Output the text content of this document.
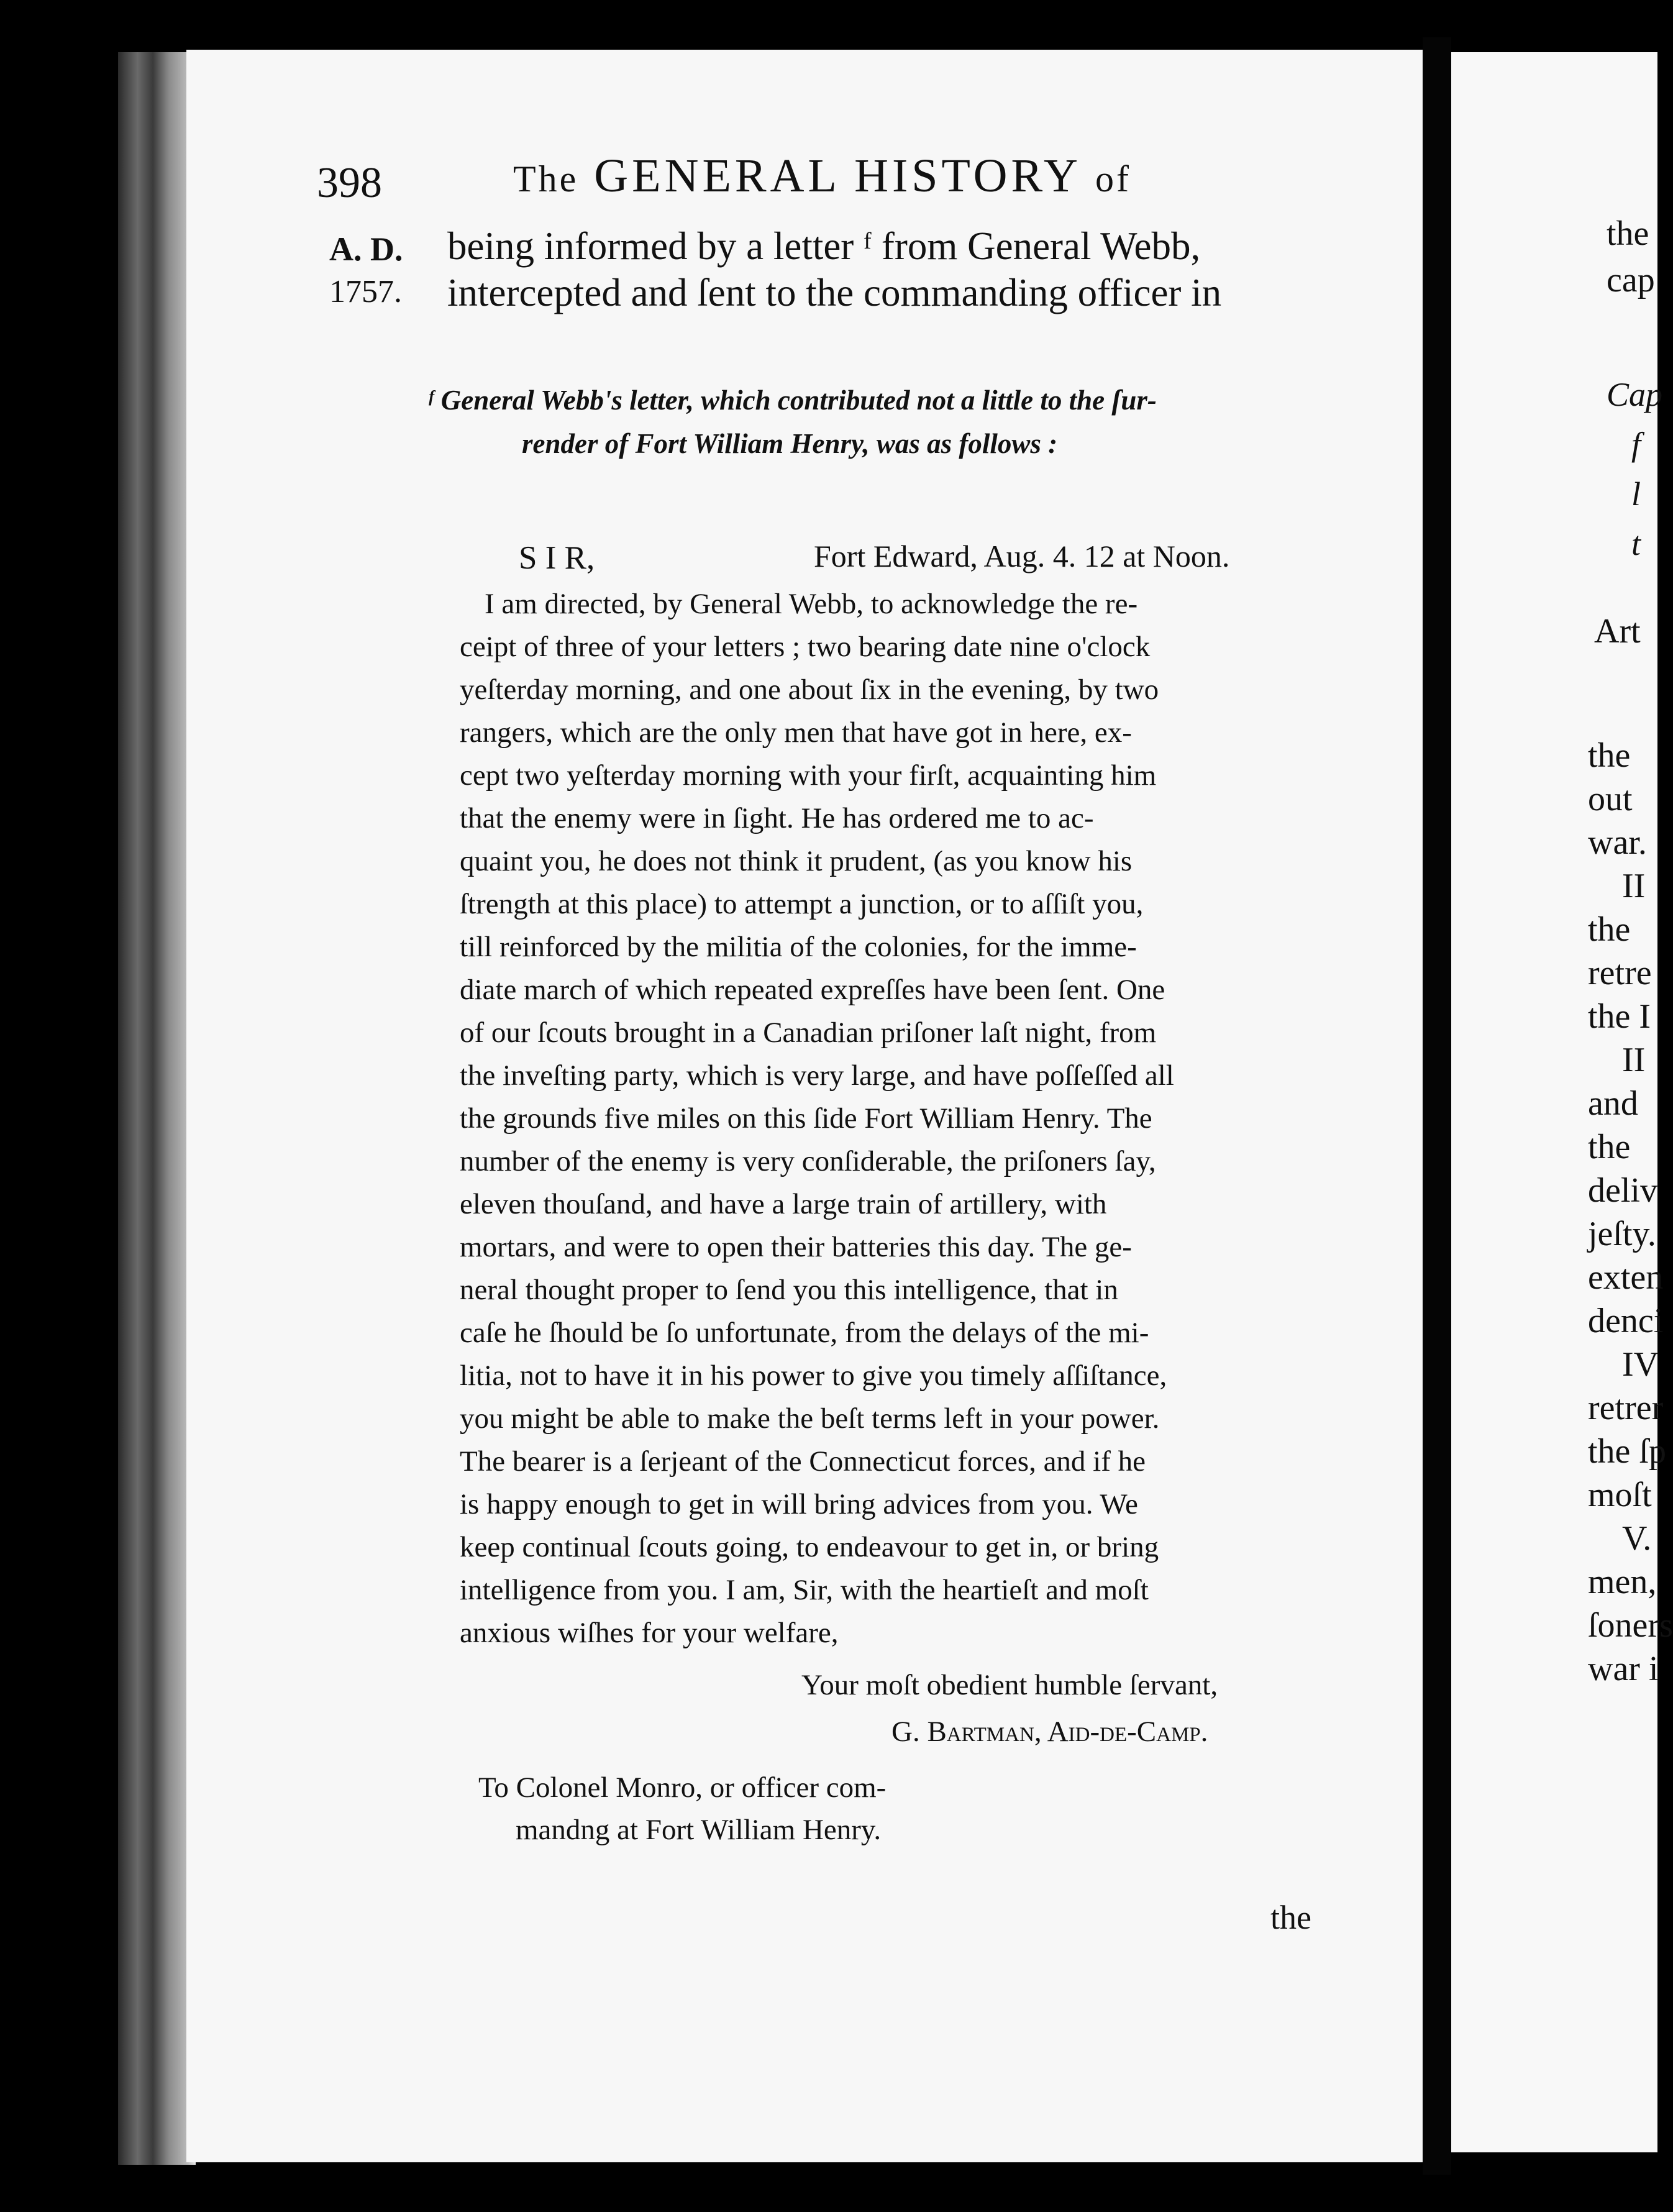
398	The GENERAL HISTORY of
A. D.
1757.
being informed by a letter ᶠ from General Webb,
intercepted and ſent to the commanding officer in
ᶠ General Webb's letter, which contributed not a little to the ſur-
render of Fort William Henry, was as follows :
S I R,	Fort Edward, Aug. 4. 12 at Noon.
I am directed, by General Webb, to acknowledge the re-
ceipt of three of your letters ; two bearing date nine o'clock
yeſterday morning, and one about ſix in the evening, by two
rangers, which are the only men that have got in here, ex-
cept two yeſterday morning with your firſt, acquainting him
that the enemy were in ſight. He has ordered me to ac-
quaint you, he does not think it prudent, (as you know his
ſtrength at this place) to attempt a junction, or to aſſiſt you,
till reinforced by the militia of the colonies, for the imme-
diate march of which repeated expreſſes have been ſent. One
of our ſcouts brought in a Canadian priſoner laſt night, from
the inveſting party, which is very large, and have poſſeſſed all
the grounds five miles on this ſide Fort William Henry. The
number of the enemy is very conſiderable, the priſoners ſay,
eleven thouſand, and have a large train of artillery, with
mortars, and were to open their batteries this day. The ge-
neral thought proper to ſend you this intelligence, that in
caſe he ſhould be ſo unfortunate, from the delays of the mi-
litia, not to have it in his power to give you timely aſſiſtance,
you might be able to make the beſt terms left in your power.
The bearer is a ſerjeant of the Connecticut forces, and if he
is happy enough to get in will bring advices from you. We
keep continual ſcouts going, to endeavour to get in, or bring
intelligence from you. I am, Sir, with the heartieſt and moſt
anxious wiſhes for your welfare,
Your moſt obedient humble ſervant,
G. Bartman, Aid-de-Camp.
To Colonel Monro, or officer com-
mandng at Fort William Henry.
the
the
cap
Cap
f
l
t
Art
the
out
war.
II
the
retre
the I
II
and
the
deliv
jeſty.
exten
denci
IV
retrer
the ſp
moſt
V.
men,
ſoners
war i
